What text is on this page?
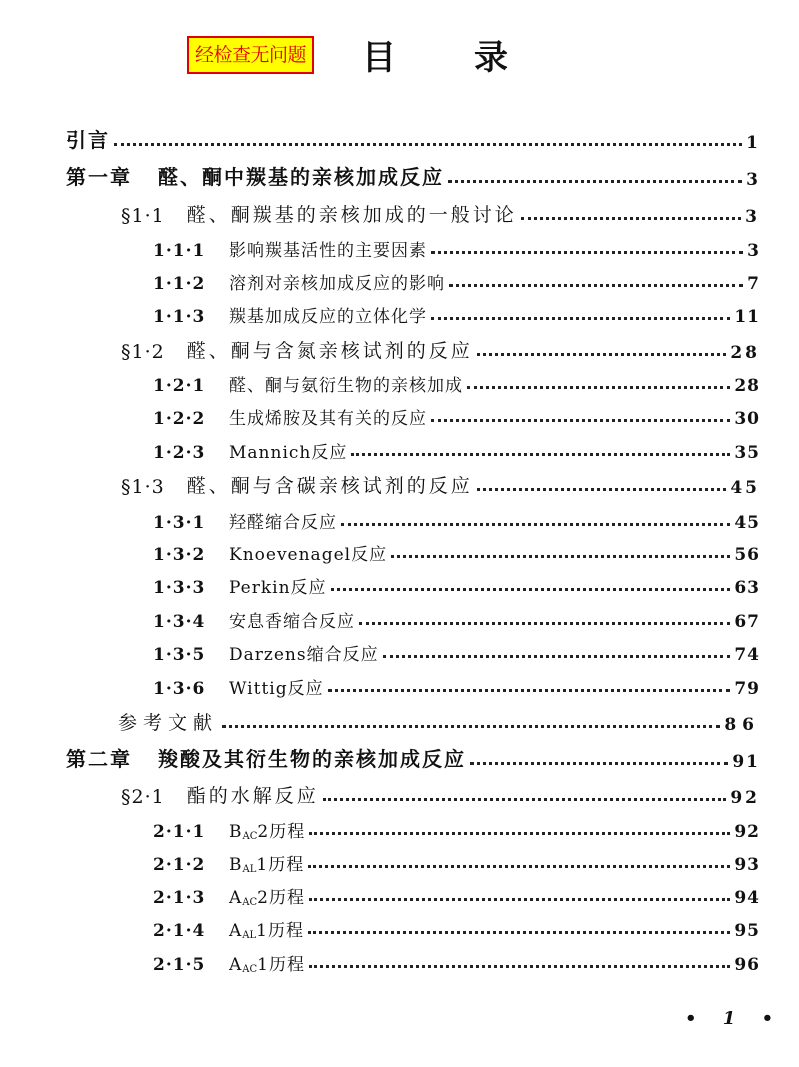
经检查无问题 目 录
引言	1
第一章 醛、酮中羰基的亲核加成反应	3
§1·1 醛、酮羰基的亲核加成的一般讨论	3
1·1·1	影响羰基活性的主要因素	3
1·1·2	溶剂对亲核加成反应的影响	7
1·1·3	羰基加成反应的立体化学	11
§1·2 醛、酮与含氮亲核试剂的反应	28
1·2·1	醛、酮与氨衍生物的亲核加成	28
1·2·2	生成烯胺及其有关的反应	30
1·2·3	Mannich反应	35
§1·3 醛、酮与含碳亲核试剂的反应	45
1·3·1	羟醛缩合反应	45
1·3·2	Knoevenagel反应	56
1·3·3	Perkin反应	63
1·3·4	安息香缩合反应	67
1·3·5	Darzens缩合反应	74
1·3·6	Wittig反应	79
参考文献	86
第二章 羧酸及其衍生物的亲核加成反应	91
§2·1 酯的水解反应	92
2·1·1	$B_{AC}2$历程	92
2·1·2	$B_{AL}1$历程	93
2·1·3	$A_{AC}2$历程	94
2·1·4	$A_{AL}1$历程	95
2·1·5	$A_{AC}1$历程	96
• 1 •
